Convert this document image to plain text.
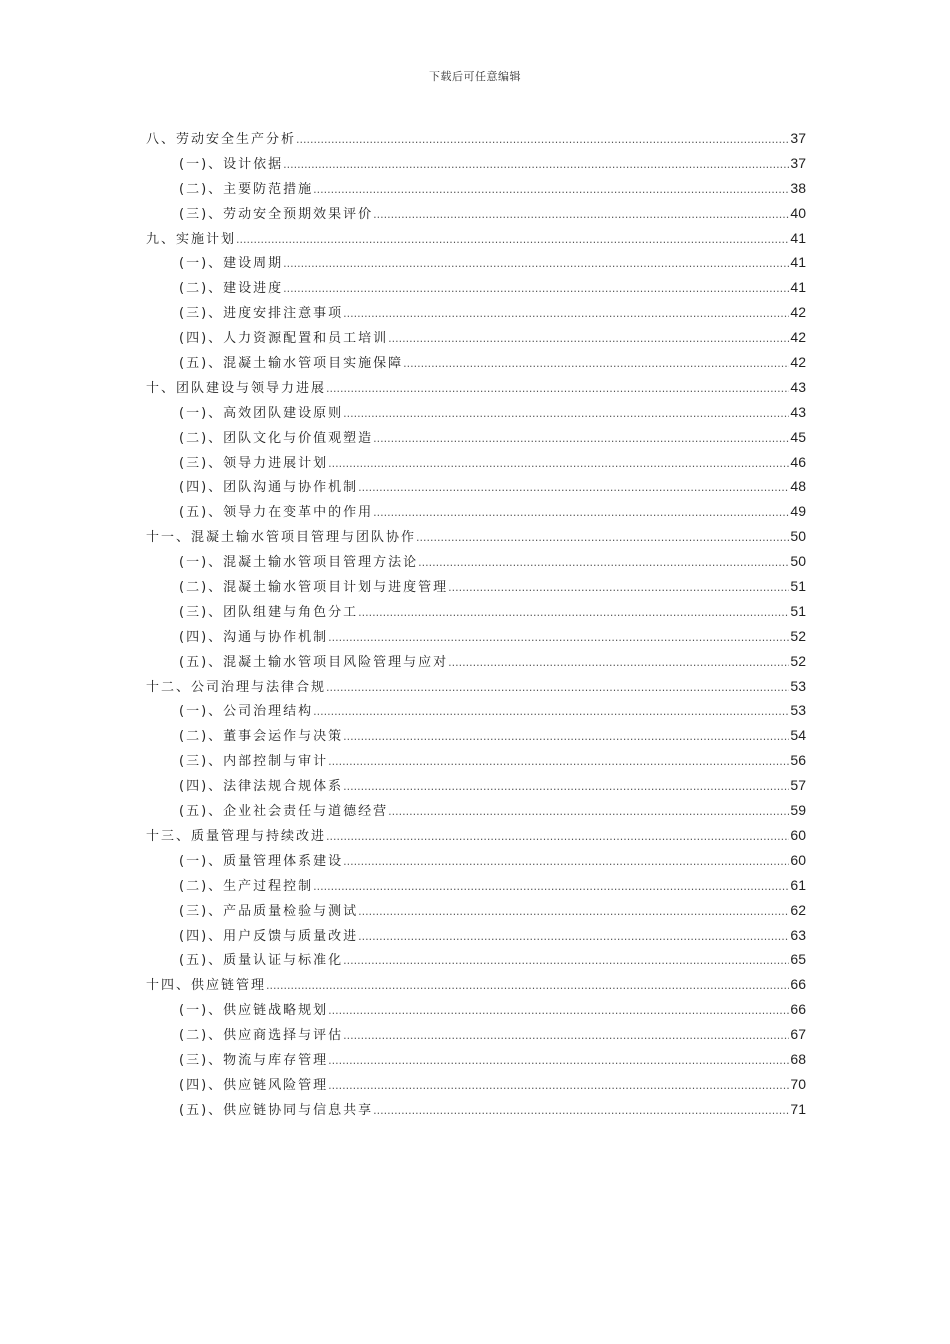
下载后可任意编辑
八、劳动安全生产分析 .....	37
(一)、设计依据 .....	37
(二)、主要防范措施 .....	38
(三)、劳动安全预期效果评价 .....	40
九、实施计划 .....	41
(一)、建设周期 .....	41
(二)、建设进度 .....	41
(三)、进度安排注意事项 .....	42
(四)、人力资源配置和员工培训 .....	42
(五)、混凝土输水管项目实施保障 .....	42
十、团队建设与领导力进展 .....	43
(一)、高效团队建设原则 .....	43
(二)、团队文化与价值观塑造 .....	45
(三)、领导力进展计划 .....	46
(四)、团队沟通与协作机制 .....	48
(五)、领导力在变革中的作用 .....	49
十一、混凝土输水管项目管理与团队协作 .....	50
(一)、混凝土输水管项目管理方法论 .....	50
(二)、混凝土输水管项目计划与进度管理 .....	51
(三)、团队组建与角色分工 .....	51
(四)、沟通与协作机制 .....	52
(五)、混凝土输水管项目风险管理与应对 .....	52
十二、公司治理与法律合规 .....	53
(一)、公司治理结构 .....	53
(二)、董事会运作与决策 .....	54
(三)、内部控制与审计 .....	56
(四)、法律法规合规体系 .....	57
(五)、企业社会责任与道德经营 .....	59
十三、质量管理与持续改进 .....	60
(一)、质量管理体系建设 .....	60
(二)、生产过程控制 .....	61
(三)、产品质量检验与测试 .....	62
(四)、用户反馈与质量改进 .....	63
(五)、质量认证与标准化 .....	65
十四、供应链管理 .....	66
(一)、供应链战略规划 .....	66
(二)、供应商选择与评估 .....	67
(三)、物流与库存管理 .....	68
(四)、供应链风险管理 .....	70
(五)、供应链协同与信息共享 .....	71
